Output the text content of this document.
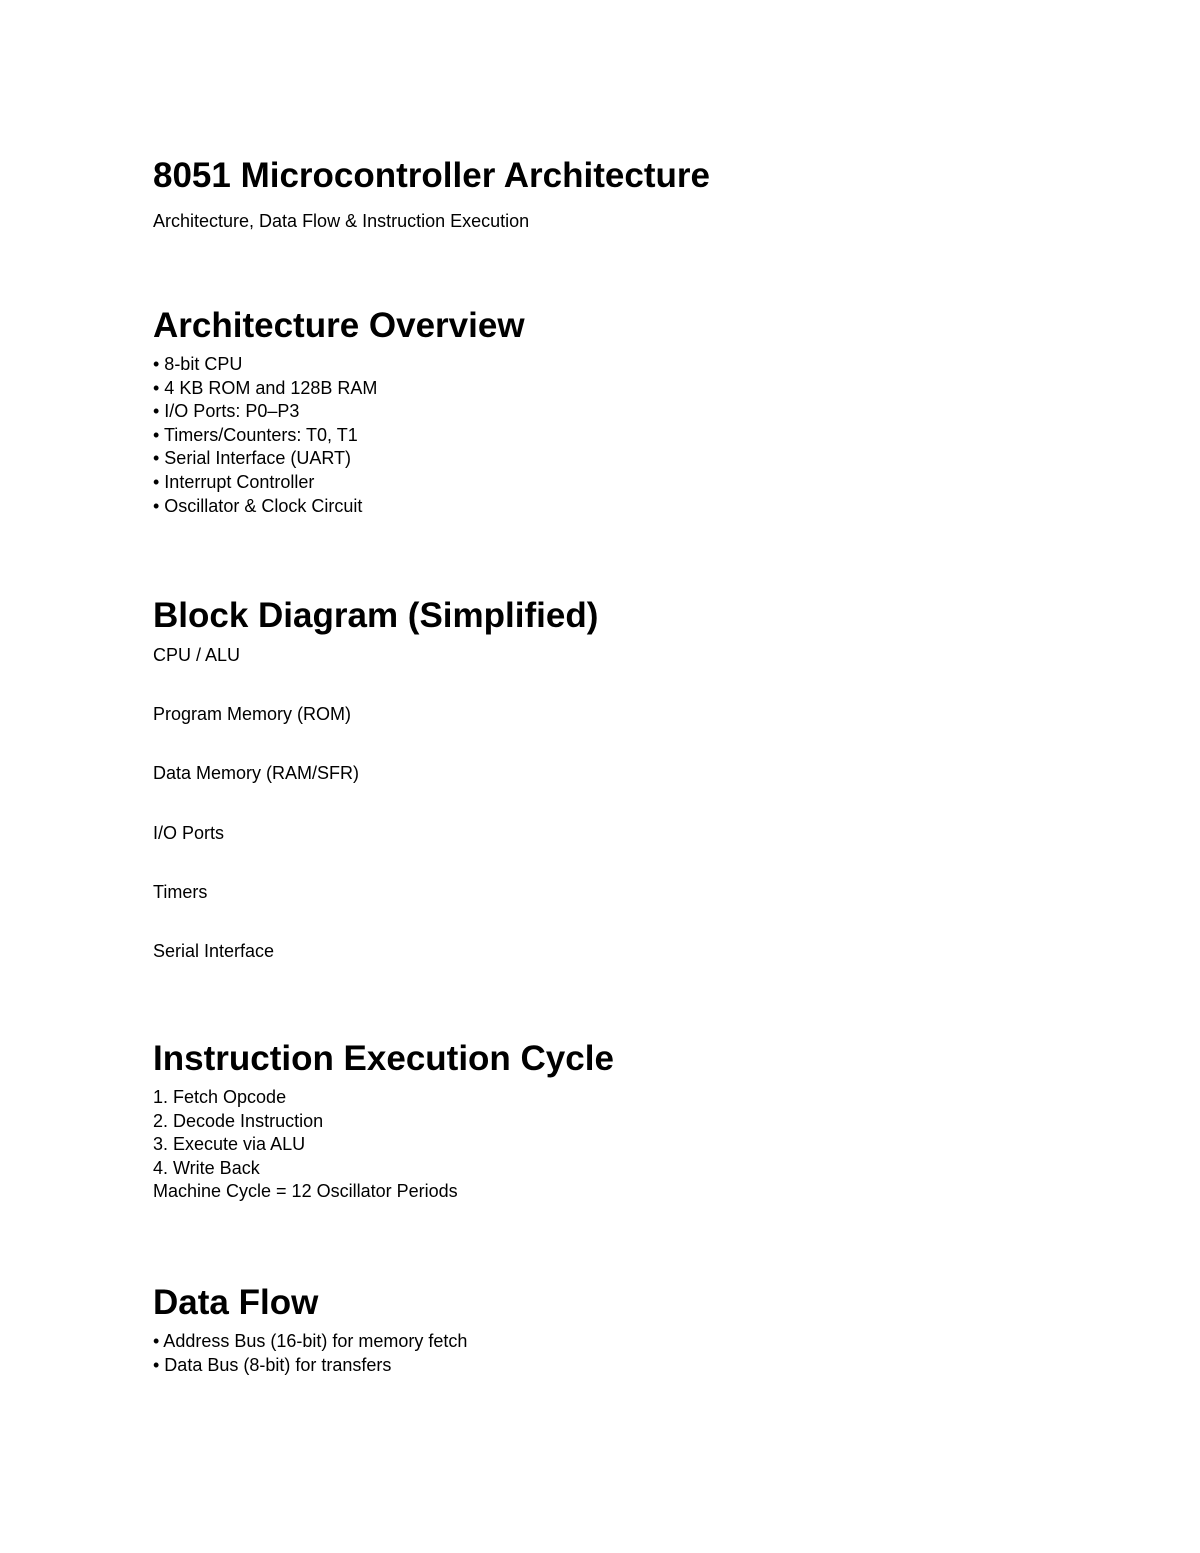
8051 Microcontroller Architecture
Architecture, Data Flow & Instruction Execution
Architecture Overview
• 8-bit CPU
• 4 KB ROM and 128B RAM
• I/O Ports: P0–P3
• Timers/Counters: T0, T1
• Serial Interface (UART)
• Interrupt Controller
• Oscillator & Clock Circuit
Block Diagram (Simplified)
CPU / ALU
Program Memory (ROM)
Data Memory (RAM/SFR)
I/O Ports
Timers
Serial Interface
Instruction Execution Cycle
1. Fetch Opcode
2. Decode Instruction
3. Execute via ALU
4. Write Back
Machine Cycle = 12 Oscillator Periods
Data Flow
• Address Bus (16-bit) for memory fetch
• Data Bus (8-bit) for transfers
